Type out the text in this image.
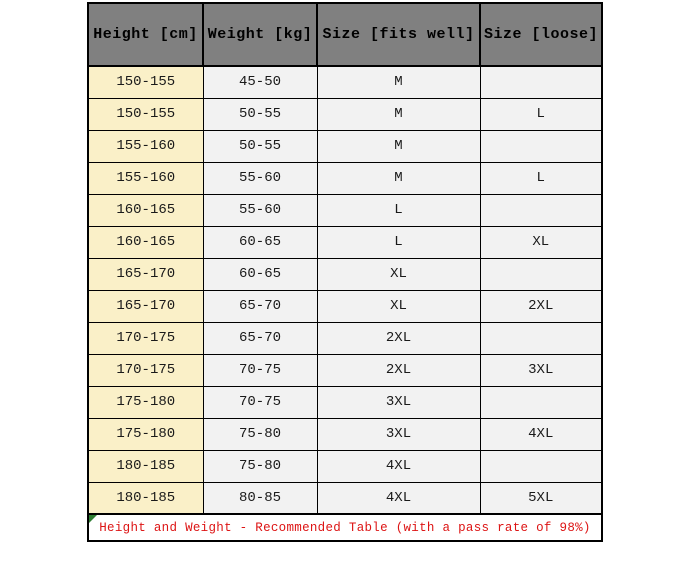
Height [cm]	Weight [kg]	Size [fits well]	Size [loose]
150-155	45-50	M	
150-155	50-55	M	L
155-160	50-55	M	
155-160	55-60	M	L
160-165	55-60	L	
160-165	60-65	L	XL
165-170	60-65	XL	
165-170	65-70	XL	2XL
170-175	65-70	2XL	
170-175	70-75	2XL	3XL
175-180	70-75	3XL	
175-180	75-80	3XL	4XL
180-185	75-80	4XL	
180-185	80-85	4XL	5XL

Height and Weight - Recommended Table (with a pass rate of 98%)			
